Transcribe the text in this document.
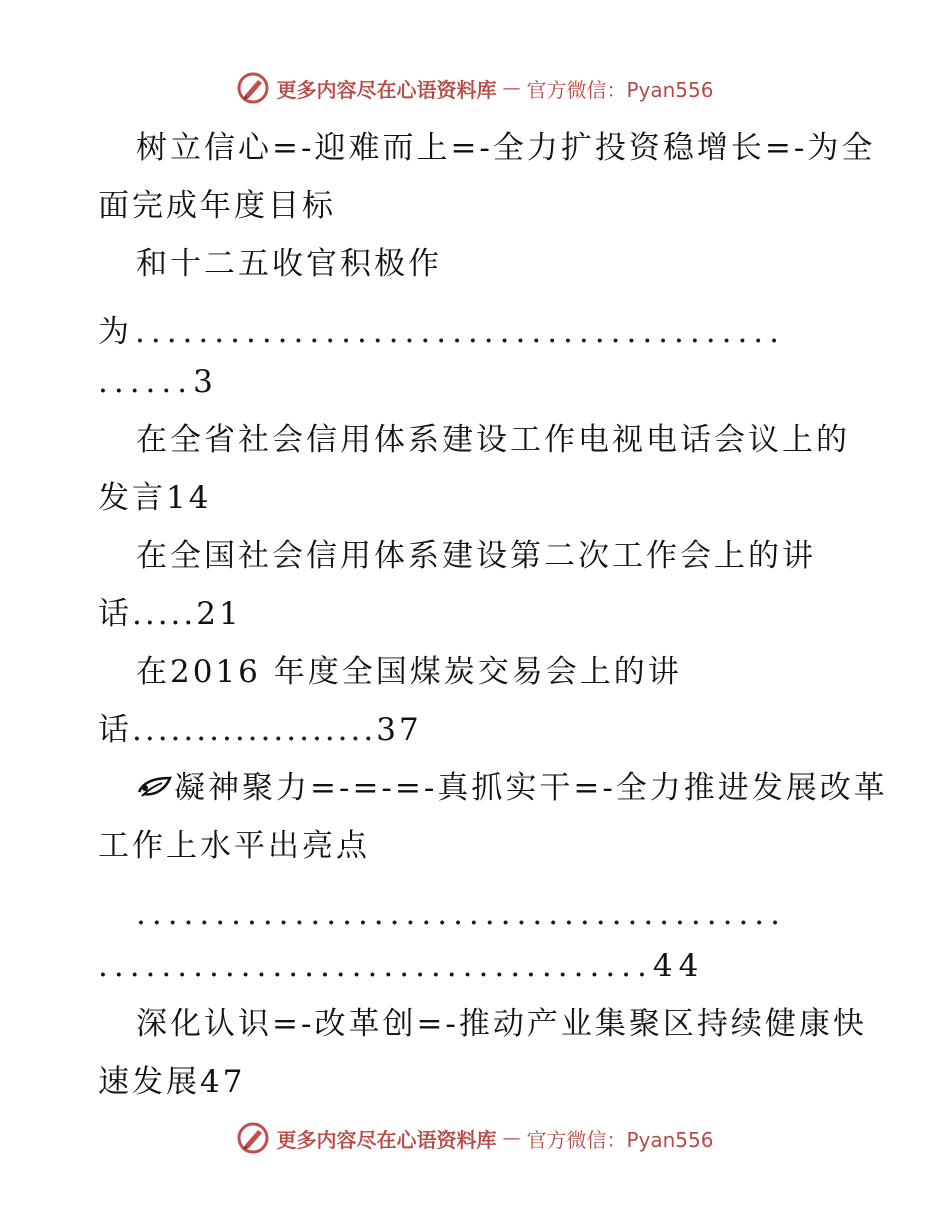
更多内容尽在心语资料库 — 官方微信：Pyan556
树立信心=-迎难而上=-全力扩投资稳增长=-为全
面完成年度目标
和十二五收官积极作
为.........................................
......3
在全省社会信用体系建设工作电视电话会议上的
发言14
在全国社会信用体系建设第二次工作会上的讲
话.....21
在2016 年度全国煤炭交易会上的讲
话...................37
凝神聚力=-=-=-真抓实干=-全力推进发展改革
工作上水平出亮点
.........................................
...................................44
深化认识=-改革创=-推动产业集聚区持续健康快
速发展47
更多内容尽在心语资料库 — 官方微信：Pyan556
